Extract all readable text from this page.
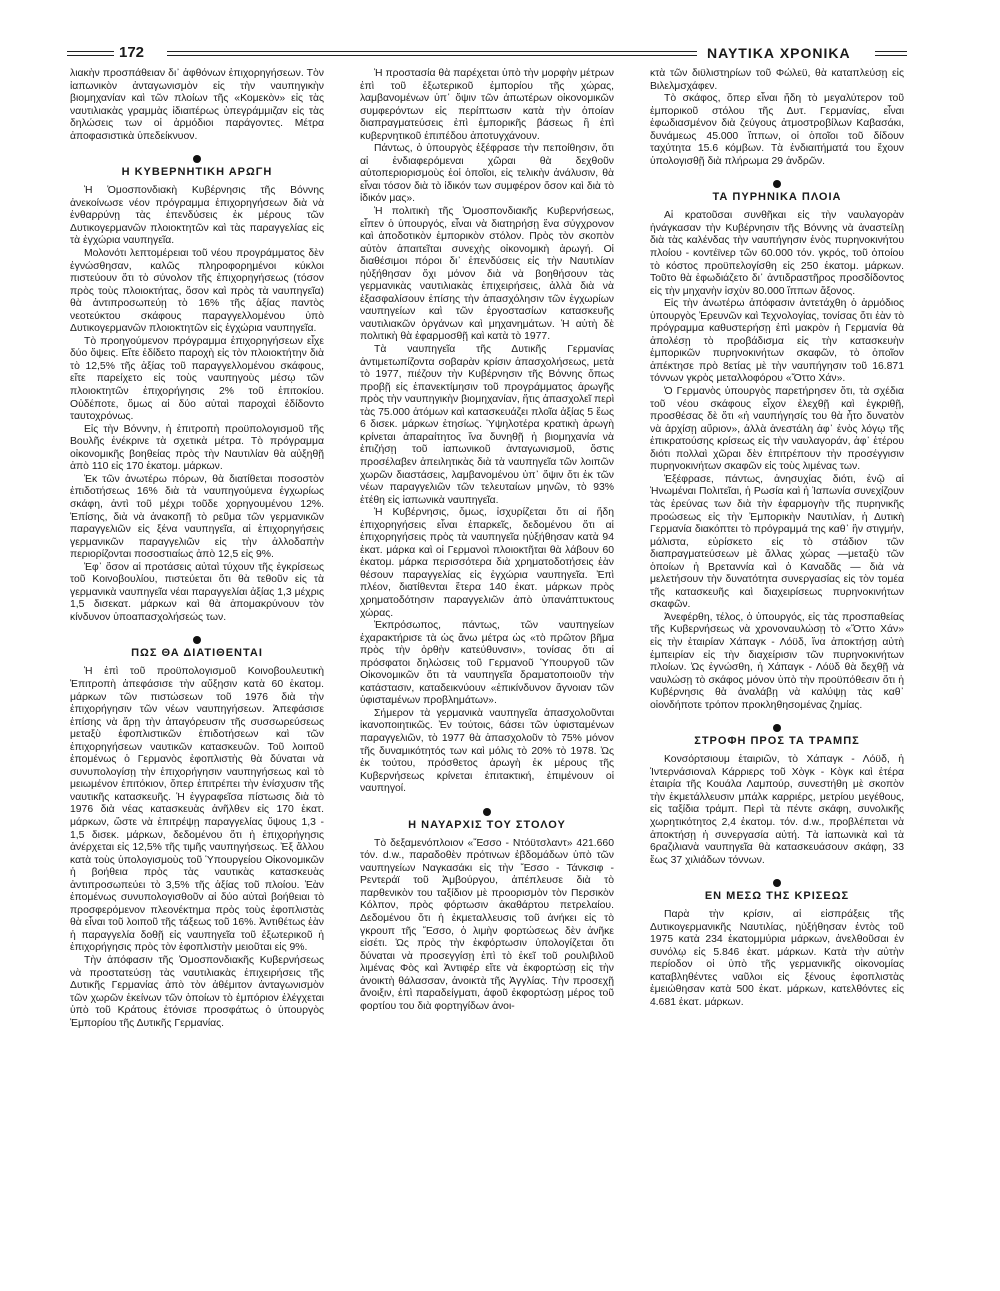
172	ΝΑΥΤΙΚΑ ΧΡΟΝΙΚΑ

λιακὴν προσπάθειαν δι᾽ ἀφθόνων ἐπιχορηγήσεων. Τὸν ἰαπωνικὸν ἀνταγωνισμὸν εἰς τὴν ναυπηγικὴν βιομηχανίαν καὶ τῶν πλοίων τῆς «Κομεκὸν» εἰς τὰς ναυτιλιακὰς γραμμὰς ἰδιαιτέρως ὑπεγράμμιζαν εἰς τὰς δηλώσεις των οἱ ἁρμόδιοι παράγοντες. Μέτρα ἀποφασιστικὰ ὑπεδείκνυον.

Η ΚΥΒΕΡΝΗΤΙΚΗ ΑΡΩΓΗ

Ἡ Ὁμοσπονδιακὴ Κυβέρνησις τῆς Βόννης ἀνεκοίνωσε νέον πρόγραμμα ἐπιχορηγήσεων διὰ νὰ ἐνθαρρύνῃ τὰς ἐπενδύσεις ἐκ μέρους τῶν Δυτικογερμανῶν πλοιοκτητῶν καὶ τὰς παραγγελίας εἰς τὰ ἐγχώρια ναυπηγεῖα.

Μολονότι λεπτομέρειαι τοῦ νέου προγράμματος δὲν ἐγνώσθησαν, καλῶς πληροφορημένοι κύκλοι πιστεύουν ὅτι τὸ σύνολον τῆς ἐπιχορηγήσεως (τόσον πρὸς τοὺς πλοιοκτήτας, ὅσον καὶ πρὸς τὰ ναυπηγεῖα) θὰ ἀντιπροσωπεύῃ τὸ 16% τῆς ἀξίας παντὸς νεοτεύκτου σκάφους παραγγελλομένου ὑπὸ Δυτικογερμανῶν πλοιοκτητῶν εἰς ἐγχώρια ναυπηγεῖα.

Τὸ προηγούμενον πρόγραμμα ἐπιχορηγήσεων εἶχε δύο ὄψεις. Εἴτε ἐδίδετο παροχὴ εἰς τὸν πλοιοκτήτην διὰ τὸ 12,5% τῆς ἀξίας τοῦ παραγγελλομένου σκάφους, εἴτε παρείχετο εἰς τοὺς ναυπηγοὺς μέσῳ τῶν πλοιοκτητῶν ἐπιχορήγησις 2% τοῦ ἐπιτοκίου. Οὐδέποτε, ὅμως αἱ δύο αὐταὶ παροχαὶ ἐδίδοντο ταυτοχρόνως.

Εἰς τὴν Βόννην, ἡ ἐπιτροπὴ προϋπολογισμοῦ τῆς Βουλῆς ἐνέκρινε τὰ σχετικὰ μέτρα. Τὸ πρόγραμμα οἰκονομικῆς βοηθείας πρὸς τὴν Ναυτιλίαν θὰ αὐξηθῇ ἀπὸ 110 εἰς 170 ἑκατομ. μάρκων.

Ἐκ τῶν ἀνωτέρω πόρων, θὰ διατίθεται ποσοστὸν ἐπιδοτήσεως 16% διὰ τὰ ναυπηγούμενα ἐγχωρίως σκάφη, ἀντὶ τοῦ μέχρι τοῦδε χορηγουμένου 12%. Ἐπίσης, διὰ νὰ ἀνακοπῇ τὸ ρεῦμα τῶν γερμανικῶν παραγγελιῶν εἰς ξένα ναυπηγεῖα, αἱ ἐπιχορηγήσεις γερμανικῶν παραγγελιῶν εἰς τὴν ἀλλοδαπὴν περιορίζονται ποσοστιαίως ἀπὸ 12,5 εἰς 9%.

Ἐφ᾽ ὅσον αἱ προτάσεις αὐταὶ τύχουν τῆς ἐγκρίσεως τοῦ Κοινοβουλίου, πιστεύεται ὅτι θὰ τεθοῦν εἰς τὰ γερμανικὰ ναυπηγεῖα νέαι παραγγελίαι ἀξίας 1,3 μέχρις 1,5 δισεκατ. μάρκων καὶ θὰ ἀπομακρύνουν τὸν κίνδυνον ὑποαπασχολήσεώς των.

ΠΩΣ ΘΑ ΔΙΑΤΙΘΕΝΤΑΙ

Ἡ ἐπὶ τοῦ προϋπολογισμοῦ Κοινοβουλευτικὴ Ἐπιτροπὴ ἀπεφάσισε τὴν αὔξησιν κατὰ 60 ἑκατομ. μάρκων τῶν πιστώσεων τοῦ 1976 διὰ τὴν ἐπιχορήγησιν τῶν νέων ναυπηγήσεων. Ἀπεφάσισε ἐπίσης νὰ ἄρῃ τὴν ἀπαγόρευσιν τῆς συσσωρεύσεως μεταξὺ ἐφοπλιστικῶν ἐπιδοτήσεων καὶ τῶν ἐπιχορηγήσεων ναυτικῶν κατασκευῶν. Τοῦ λοιποῦ ἑπομένως ὁ Γερμανὸς ἐφοπλιστὴς θὰ δύναται νὰ συνυπολογίσῃ τὴν ἐπιχορήγησιν ναυπηγήσεως καὶ τὸ μειωμένον ἐπιτόκιον, ὅπερ ἐπιτρέπει τὴν ἐνίσχυσιν τῆς ναυτικῆς κατασκευῆς. Ἡ ἐγγραφεῖσα πίστωσις διὰ τὸ 1976 διὰ νέας κατασκευὰς ἀνῆλθεν εἰς 170 ἑκατ. μάρκων, ὥστε νὰ ἐπιτρέψῃ παραγγελίας ὕψους 1,3 - 1,5 δισεκ. μάρκων, δεδομένου ὅτι ἡ ἐπιχορήγησις ἀνέρχεται εἰς 12,5% τῆς τιμῆς ναυπηγήσεως. Ἐξ ἄλλου κατὰ τοὺς ὑπολογισμοὺς τοῦ Ὑπουργείου Οἰκονομικῶν ἡ βοήθεια πρὸς τὰς ναυτικὰς κατασκευὰς ἀντιπροσωπεύει τὸ 3,5% τῆς ἀξίας τοῦ πλοίου. Ἐὰν ἑπομένως συνυπολογισθοῦν αἱ δύο αὐταὶ βοήθειαι τὸ προσφερόμενον πλεονέκτημα πρὸς τοὺς ἐφοπλιστὰς θὰ εἶναι τοῦ λοιποῦ τῆς τάξεως τοῦ 16%. Ἀντιθέτως ἐὰν ἡ παραγγελία δοθῇ εἰς ναυπηγεῖα τοῦ ἐξωτερικοῦ ἡ ἐπιχορήγησις πρὸς τὸν ἐφοπλιστὴν μειοῦται εἰς 9%.

Τὴν ἀπόφασιν τῆς Ὁμοσπονδιακῆς Κυβερνήσεως νὰ προστατεύσῃ τὰς ναυτιλιακὰς ἐπιχειρήσεις τῆς Δυτικῆς Γερμανίας ἀπὸ τὸν ἀθέμιτον ἀνταγωνισμὸν τῶν χωρῶν ἐκείνων τῶν ὁποίων τὸ ἐμπόριον ἐλέγχεται ὑπὸ τοῦ Κράτους ἐτόνισε προσφάτως ὁ ὑπουργὸς Ἐμπορίου τῆς Δυτικῆς Γερμανίας.

Ἡ προστασία θὰ παρέχεται ὑπὸ τὴν μορφὴν μέτρων ἐπὶ τοῦ ἐξωτερικοῦ ἐμπορίου τῆς χώρας, λαμβανομένων ὑπ᾽ ὄψιν τῶν ἀπωτέρων οἰκονομικῶν συμφερόντων εἰς περίπτωσιν κατὰ τὴν ὁποίαν διαπραγματεύσεις ἐπὶ ἐμπορικῆς βάσεως ἢ ἐπὶ κυβερνητικοῦ ἐπιπέδου ἀποτυγχάνουν.

Πάντως, ὁ ὑπουργὸς ἐξέφρασε τὴν πεποίθησιν, ὅτι αἱ ἐνδιαφερόμεναι χῶραι θὰ δεχθοῦν αὐτοπεριορισμοὺς ἐοἱ ὁποῖοι, εἰς τελικὴν ἀνάλυσιν, θὰ εἶναι τόσον διὰ τὸ ἰδικόν των συμφέρον ὅσον καὶ διὰ τὸ ἰδικόν μας».

Ἡ πολιτικὴ τῆς Ὁμοσπονδιακῆς Κυβερνήσεως, εἶπεν ὁ ὑπουργός, εἶναι νὰ διατηρήσῃ ἕνα σύγχρονον καὶ ἀποδοτικὸν ἐμπορικὸν στόλον. Πρὸς τὸν σκοπὸν αὐτὸν ἀπαιτεῖται συνεχὴς οἰκονομικὴ ἀρωγή. Οἱ διαθέσιμοι πόροι δι᾽ ἐπενδύσεις εἰς τὴν Ναυτιλίαν ηὐξήθησαν ὄχι μόνον διὰ νὰ βοηθήσουν τὰς γερμανικὰς ναυτιλιακὰς ἐπιχειρήσεις, ἀλλὰ διὰ νὰ ἐξασφαλίσουν ἐπίσης τὴν ἀπασχόλησιν τῶν ἐγχωρίων ναυπηγείων καὶ τῶν ἐργοστασίων κατασκευῆς ναυτιλιακῶν ὀργάνων καὶ μηχανημάτων. Ἡ αὐτὴ δὲ πολιτικὴ θὰ ἐφαρμοσθῇ καὶ κατὰ τὸ 1977.

Τὰ ναυπηγεῖα τῆς Δυτικῆς Γερμανίας ἀντιμετωπίζοντα σοβαρὰν κρίσιν ἀπασχολήσεως, μετὰ τὸ 1977, πιέζουν τὴν Κυβέρνησιν τῆς Βόννης ὅπως προβῇ εἰς ἐπανεκτίμησιν τοῦ προγράμματος ἀρωγῆς πρὸς τὴν ναυπηγικὴν βιομηχανίαν, ἥτις ἀπασχολεῖ περὶ τὰς 75.000 ἀτόμων καὶ κατασκευάζει πλοῖα ἀξίας 5 ἕως 6 δισεκ. μάρκων ἐτησίως. Ὑψηλοτέρα κρατικὴ ἀρωγὴ κρίνεται ἀπαραίτητος ἵνα δυνηθῇ ἡ βιομηχανία νὰ ἐπιζήσῃ τοῦ ἰαπωνικοῦ ἀνταγωνισμοῦ, ὅστις προσέλαβεν ἀπειλητικὰς διὰ τὰ ναυπηγεῖα τῶν λοιπῶν χωρῶν διαστάσεις, λαμβανομένου ὑπ᾽ ὄψιν ὅτι ἐκ τῶν νέων παραγγελιῶν τῶν τελευταίων μηνῶν, τὸ 93% ἐτέθη εἰς ἰαπωνικὰ ναυπηγεῖα.

Ἡ Κυβέρνησις, ὅμως, ἰσχυρίζεται ὅτι αἱ ἤδη ἐπιχορηγήσεις εἶναι ἐπαρκεῖς, δεδομένου ὅτι αἱ ἐπιχορηγήσεις πρὸς τὰ ναυπηγεῖα ηὐξήθησαν κατὰ 94 ἑκατ. μάρκα καὶ οἱ Γερμανοὶ πλοιοκτῆται θὰ λάβουν 60 ἑκατομ. μάρκα περισσότερα διὰ χρηματοδοτήσεις ἐὰν θέσουν παραγγελίας εἰς ἐγχώρια ναυπηγεῖα. Ἐπὶ πλέον, διατίθενται ἕτερα 140 ἑκατ. μάρκων πρὸς χρηματοδότησιν παραγγελιῶν ἀπὸ ὑπανάπτυκτους χώρας.

Ἐκπρόσωπος, πάντως, τῶν ναυπηγείων ἐχαρακτήρισε τὰ ὡς ἄνω μέτρα ὡς «τὸ πρῶτον βῆμα πρὸς τὴν ὀρθὴν κατεύθυνσιν», τονίσας ὅτι αἱ πρόσφατοι δηλώσεις τοῦ Γερμανοῦ Ὑπουργοῦ τῶν Οἰκονομικῶν ὅτι τὰ ναυπηγεῖα δραματοποιοῦν τὴν κατάστασιν, καταδεικνύουν «ἐπικίνδυνον ἄγνοιαν τῶν ὑφισταμένων προβλημάτων».

Σήμερον τὰ γερμανικὰ ναυπηγεῖα ἀπασχολοῦνται ἱκανοποιητικῶς. Ἐν τούτοις, 6άσει τῶν ὑφισταμένων παραγγελιῶν, τὸ 1977 θὰ ἀπασχολοῦν τὸ 75% μόνον τῆς δυναμικότητός των καὶ μόλις τὸ 20% τὸ 1978. Ὡς ἐκ τούτου, πρόσθετος ἀρωγὴ ἐκ μέρους τῆς Κυβερνήσεως κρίνεται ἐπιτακτική, ἐπιμένουν οἱ ναυπηγοί.

Η ΝΑΥΑΡΧΙΣ ΤΟΥ ΣΤΟΛΟΥ

Τὸ δεξαμενόπλοιον «Ἔσσο - Ντόϋτσλαντ» 421.660 τόν. d.w., παραδοθὲν πρότινων ἑβδομάδων ὑπὸ τῶν ναυπηγείων Ναγκασάκι εἰς τὴν Ἔσσο - Τάνκσιφ - Ρεντεράϊ τοῦ Ἀμβούργου, ἀπέπλευσε διὰ τὸ παρθενικὸν του ταξίδιον μὲ προορισμὸν τὸν Περσικὸν Κόλπον, πρὸς φόρτωσιν ἀκαθάρτου πετρελαίου. Δεδομένου ὅτι ἡ ἐκμεταλλευσις τοῦ ἀνήκει εἰς τὸ γκρουπ τῆς Ἔσσο, ὁ λιμὴν φορτώσεως δὲν ἀνῆκε εἰσέτι. Ὡς πρὸς τὴν ἐκφόρτωσιν ὑπολογίζεται ὅτι δύναται νὰ προσεγγίσῃ ἐπὶ τὸ ἐκεῖ τοῦ ρουλιβιλοῦ λιμένας Φὸς καὶ Ἀντιφέρ εἴτε νὰ ἐκφορτώσῃ εἰς τὴν ἀνοικτὴ θάλασσαν, ἀνοικτὰ τῆς Ἀγγλίας. Τὴν προσεχῇ ἄνοιξιν, ἐπὶ παραδείγματι, ἀφοῦ ἐκφορτώσῃ μέρος τοῦ φορτίου του διὰ φορτηγίδων ἀνοι-

κτὰ τῶν διϋλιστηρίων τοῦ Φώλεϋ, θὰ καταπλεύσῃ εἰς Βιλελμσχάφεν.

Τὸ σκάφος, ὅπερ εἶναι ἤδη τὸ μεγαλύτερον τοῦ ἐμπορικοῦ στόλου τῆς Δυτ. Γερμανίας, εἶναι ἐφωδιασμένον διὰ ζεύγους ἀτμοστροβίλων Καβασάκι, δυνάμεως 45.000 ἵππων, οἱ ὁποῖοι τοῦ δίδουν ταχύτητα 15.6 κόμβων. Τὰ ἐνδιαιτήματά του ἔχουν ὑπολογισθῇ διὰ πλήρωμα 29 ἀνδρῶν.

ΤΑ ΠΥΡΗΝΙΚΑ ΠΛΟΙΑ

Αἱ κρατοῦσαι συνθῆκαι εἰς τὴν ναυλαγορὰν ἠνάγκασαν τὴν Κυβέρνησιν τῆς Βόννης νὰ ἀναστείλῃ διὰ τὰς καλένδας τὴν ναυπήγησιν ἑνὸς πυρηνοκινήτου πλοίου - κοντέϊνερ τῶν 60.000 τόν. γκρός, τοῦ ὁποίου τὸ κόστος προϋπελογίσθη εἰς 250 ἑκατομ. μάρκων. Τοῦτο θὰ ἐφωδιάζετο δι᾽ ἀντιδραστῆρος προσδίδοντος εἰς τὴν μηχανὴν ἰσχὺν 80.000 ἵππων ἄξονος.

Εἰς τὴν ἀνωτέρω ἀπόφασιν ἀντετάχθη ὁ ἁρμόδιος ὑπουργὸς Ἐρευνῶν καὶ Τεχνολογίας, τονίσας ὅτι ἐὰν τὸ πρόγραμμα καθυστερήσῃ ἐπὶ μακρὸν ἡ Γερμανία θὰ ἀπολέσῃ τὸ προβάδισμα εἰς τὴν κατασκευὴν ἐμπορικῶν πυρηνοκινήτων σκαφῶν, τὸ ὁποῖον ἀπέκτησε πρὸ 8ετίας μὲ τὴν ναυπήγησιν τοῦ 16.871 τόννων γκρὸς μεταλλοφόρου «Ὄττο Χάν».

Ὁ Γερμανὸς ὑπουργὸς παρετήρησεν ὅτι, τὰ σχέδια τοῦ νέου σκάφους εἶχον ἐλεχθῇ καὶ ἐγκριθῇ, προσθέσας δὲ ὅτι «ἡ ναυπήγησίς του θὰ ἦτο δυνατὸν νὰ ἀρχίσῃ αὔριον», ἀλλὰ ἀνεστάλη ἀφ᾽ ἑνὸς λόγῳ τῆς ἐπικρατούσης κρίσεως εἰς τὴν ναυλαγοράν, ἀφ᾽ ἑτέρου διότι πολλαὶ χῶραι δὲν ἐπιτρέπουν τὴν προσέγγισιν πυρηνοκινήτων σκαφῶν εἰς τοὺς λιμένας των.

Ἐξέφρασε, πάντως, ἀνησυχίας διότι, ἐνῷ αἱ Ἡνωμέναι Πολιτεῖαι, ἡ Ρωσία καὶ ἡ Ἰαπωνία συνεχίζουν τὰς ἐρεύνας των διὰ τὴν ἐφαρμογὴν τῆς πυρηνικῆς προώσεως εἰς τὴν Ἐμπορικὴν Ναυτιλίαν, ἡ Δυτικὴ Γερμανία διακόπτει τὸ πρόγραμμά της καθ᾽ ἣν στιγμήν, μάλιστα, εὑρίσκετο εἰς τὸ στάδιον τῶν διαπραγματεύσεων μὲ ἄλλας χώρας —μεταξὺ τῶν ὁποίων ἡ Βρεταννία καὶ ὁ Καναδᾶς — διὰ νὰ μελετήσουν τὴν δυνατότητα συνεργασίας εἰς τὸν τομέα τῆς κατασκευῆς καὶ διαχειρίσεως πυρηνοκινήτων σκαφῶν.

Ἀνεφέρθη, τέλος, ὁ ὑπουργός, εἰς τὰς προσπαθείας τῆς Κυβερνήσεως νὰ χρονοναυλώσῃ τὸ «Ὄττο Χάν» εἰς τὴν ἑταιρίαν Χάπαγκ - Λόϋδ, ἵνα ἀποκτήσῃ αὐτὴ ἐμπειρίαν εἰς τὴν διαχείρισιν τῶν πυρηνοκινήτων πλοίων. Ὡς ἐγνώσθη, ἡ Χάπαγκ - Λόϋδ θὰ δεχθῇ νὰ ναυλώσῃ τὸ σκάφος μόνον ὑπὸ τὴν προϋπόθεσιν ὅτι ἡ Κυβέρνησις θὰ ἀναλάβῃ νὰ καλύψῃ τὰς καθ᾽ οἱονδήποτε τρόπον προκληθησομένας ζημίας.

ΣΤΡΟΦΗ ΠΡΟΣ ΤΑ ΤΡΑΜΠΣ

Κονσόρτσιουμ ἑταιριῶν, τὸ Χάπαγκ - Λόϋδ, ἡ Ἰντερνάσιοναλ Κάρριερς τοῦ Χὸγκ - Κὸγκ καὶ ἑτέρα ἑταιρία τῆς Κουάλα Λαμπούρ, συνεστήθη μὲ σκοπὸν τὴν ἐκμετάλλευσιν μπάλκ καρριέρς, μετρίου μεγέθους, εἰς ταξίδια τράμπ. Περὶ τὰ πέντε σκάφη, συνολικῆς χωρητικότητος 2,4 ἑκατομ. τόν. d.w., προβλέπεται νὰ ἀποκτήσῃ ἡ συνεργασία αὐτή. Τὰ ἰαπωνικὰ καὶ τὰ 6ραζιλιανὰ ναυπηγεῖα θὰ κατασκευάσουν σκάφη, 33 ἕως 37 χιλιάδων τόννων.

ΕΝ ΜΕΣΩ ΤΗΣ ΚΡΙΣΕΩΣ

Παρὰ τὴν κρίσιν, αἱ εἰσπράξεις τῆς Δυτικογερμανικῆς Ναυτιλίας, ηὐξήθησαν ἐντὸς τοῦ 1975 κατὰ 234 ἑκατομμύρια μάρκων, ἀνελθοῦσαι ἐν συνόλῳ εἰς 5.846 ἑκατ. μάρκων. Κατὰ τὴν αὐτὴν περίοδον οἱ ὑπὸ τῆς γερμανικῆς οἰκονομίας καταβληθέντες ναῦλοι εἰς ξένους ἐφοπλιστὰς ἐμειώθησαν κατὰ 500 ἑκατ. μάρκων, κατελθόντες εἰς 4.681 ἑκατ. μάρκων.
